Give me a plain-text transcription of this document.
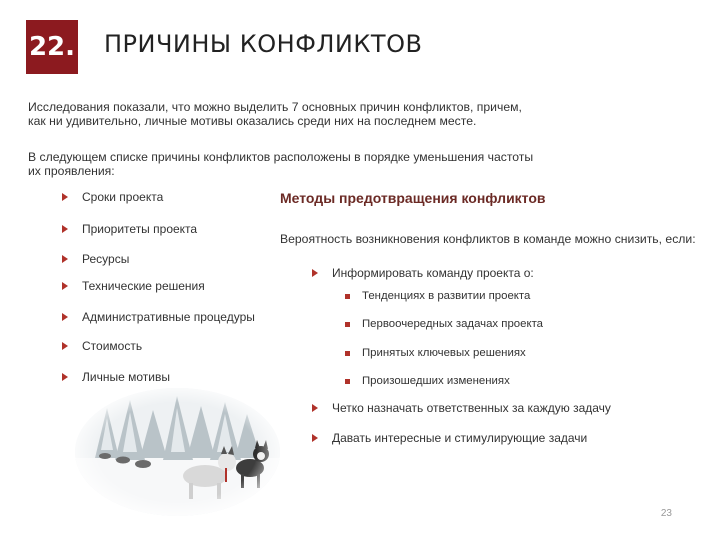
22. ПРИЧИНЫ КОНФЛИКТОВ
Исследования показали, что можно выделить 7 основных причин конфликтов, причем,
как ни удивительно, личные мотивы оказались среди них на последнем месте.
В следующем списке причины конфликтов расположены в порядке уменьшения частоты
их проявления:
Сроки проекта
Приоритеты проекта
Ресурсы
Технические решения
Административные процедуры
Стоимость
Личные мотивы
Методы предотвращения конфликтов
Вероятность возникновения конфликтов в команде можно снизить, если:
Информировать команду проекта о:
Тенденциях в развитии проекта
Первоочередных задачах проекта
Принятых ключевых решениях
Произошедших изменениях
Четко назначать ответственных за каждую задачу
Давать интересные и стимулирующие задачи
23
